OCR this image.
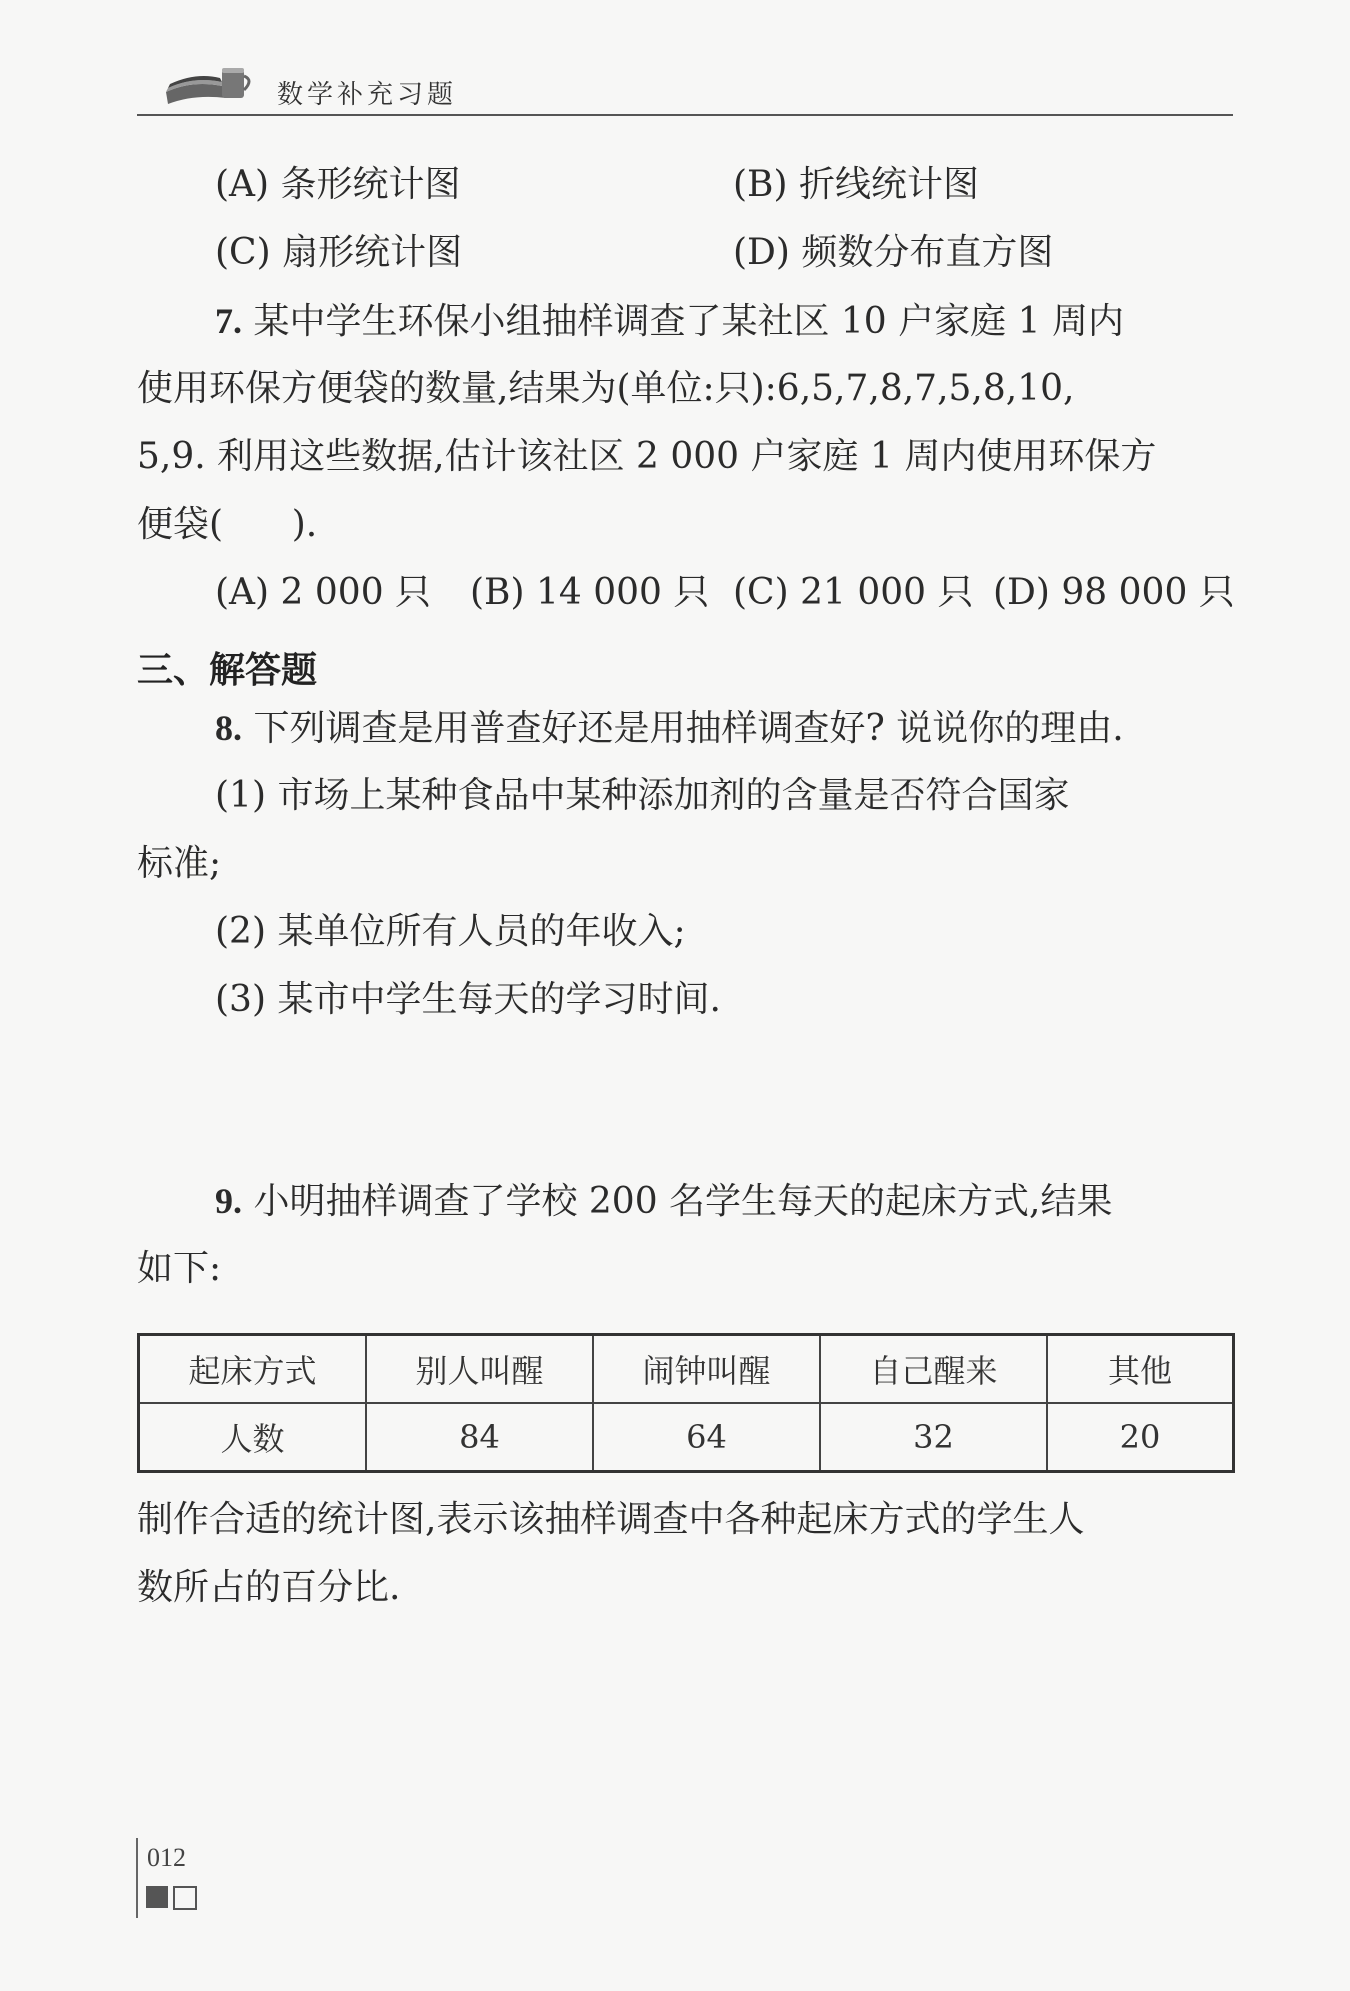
数学补充习题
(A) 条形统计图	(B) 折线统计图
(C) 扇形统计图	(D) 频数分布直方图
7. 某中学生环保小组抽样调查了某社区 10 户家庭 1 周内
使用环保方便袋的数量,结果为(单位:只):6,5,7,8,7,5,8,10,
5,9. 利用这些数据,估计该社区 2 000 户家庭 1 周内使用环保方
便袋(      ).
(A) 2 000 只 (B) 14 000 只 (C) 21 000 只 (D) 98 000 只
三、解答题
8. 下列调查是用普查好还是用抽样调查好? 说说你的理由.
(1) 市场上某种食品中某种添加剂的含量是否符合国家
标准;
(2) 某单位所有人员的年收入;
(3) 某市中学生每天的学习时间.
9. 小明抽样调查了学校 200 名学生每天的起床方式,结果
如下:
起床方式	别人叫醒	闹钟叫醒	自己醒来	其他
人数	84	64	32	20
制作合适的统计图,表示该抽样调查中各种起床方式的学生人
数所占的百分比.
012
